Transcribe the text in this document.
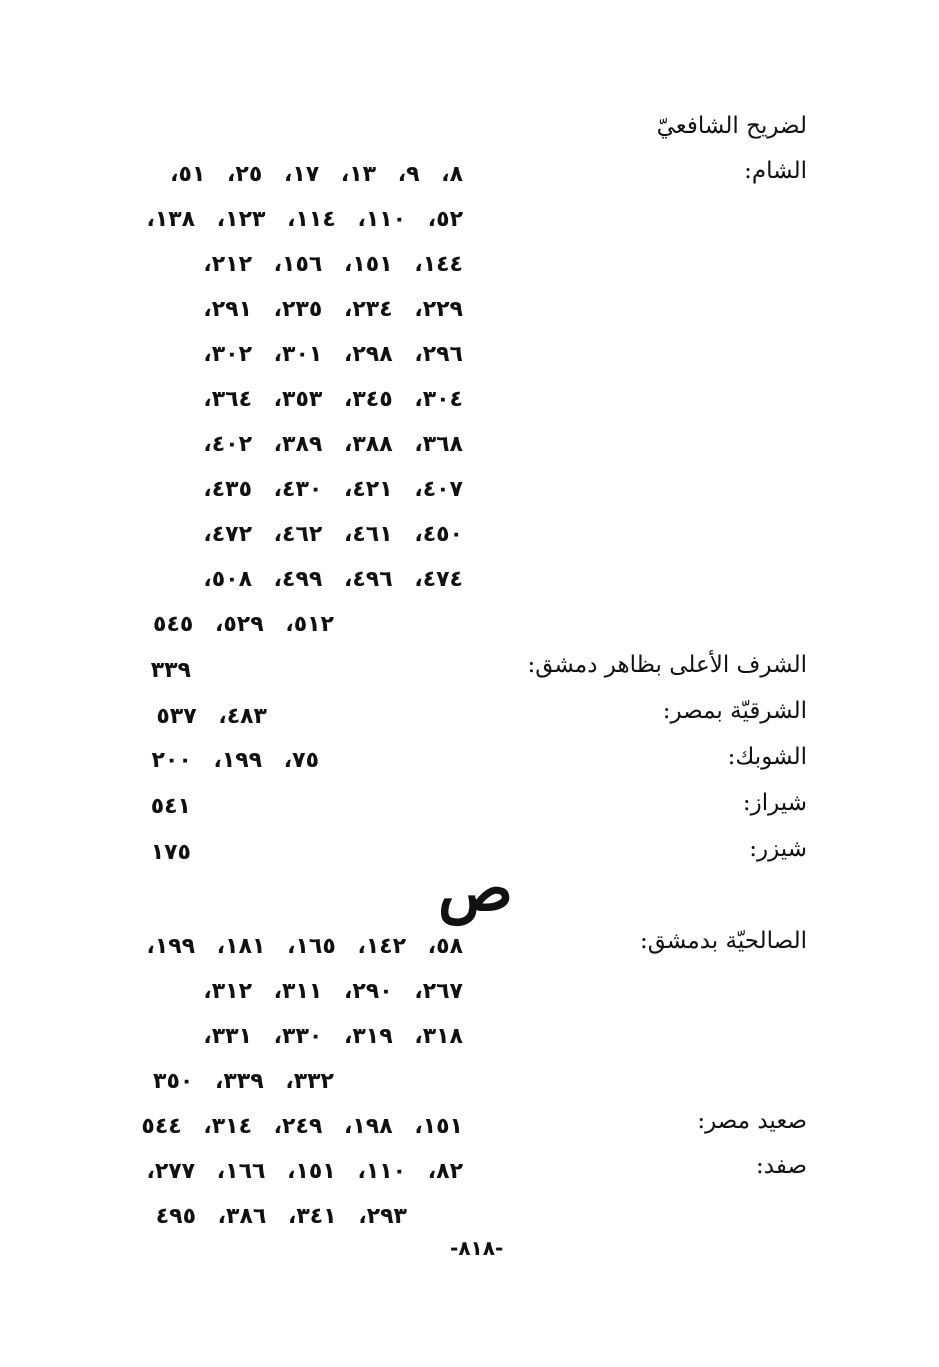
لضريح الشافعيّ
الشام:
٨، ٩، ١٣، ١٧، ٢٥، ٥١،
٥٢، ١١٠، ١١٤، ١٢٣، ١٣٨،
١٤٤، ١٥١، ١٥٦، ٢١٢،
٢٢٩، ٢٣٤، ٢٣٥، ٢٩١،
٢٩٦، ٢٩٨، ٣٠١، ٣٠٢،
٣٠٤، ٣٤٥، ٣٥٣، ٣٦٤،
٣٦٨، ٣٨٨، ٣٨٩، ٤٠٢،
٤٠٧، ٤٢١، ٤٣٠، ٤٣٥،
٤٥٠، ٤٦١، ٤٦٢، ٤٧٢،
٤٧٤، ٤٩٦، ٤٩٩، ٥٠٨،
٥١٢، ٥٢٩، ٥٤٥
الشرف الأعلى بظاهر دمشق:
٣٣٩
الشرقيّة بمصر:
٤٨٣، ٥٣٧
الشوبك:
٧٥، ١٩٩، ٢٠٠
شيراز:
٥٤١
شيزر:
١٧٥	ص
الصالحيّة بدمشق:
٥٨، ١٤٢، ١٦٥، ١٨١، ١٩٩،
٢٦٧، ٢٩٠، ٣١١، ٣١٢،
٣١٨، ٣١٩، ٣٣٠، ٣٣١،
٣٣٢، ٣٣٩، ٣٥٠
صعيد مصر:
١٥١، ١٩٨، ٢٤٩، ٣١٤، ٥٤٤
صفد:
٨٢، ١١٠، ١٥١، ١٦٦، ٢٧٧،
٢٩٣، ٣٤١، ٣٨٦، ٤٩٥
-٨١٨-
